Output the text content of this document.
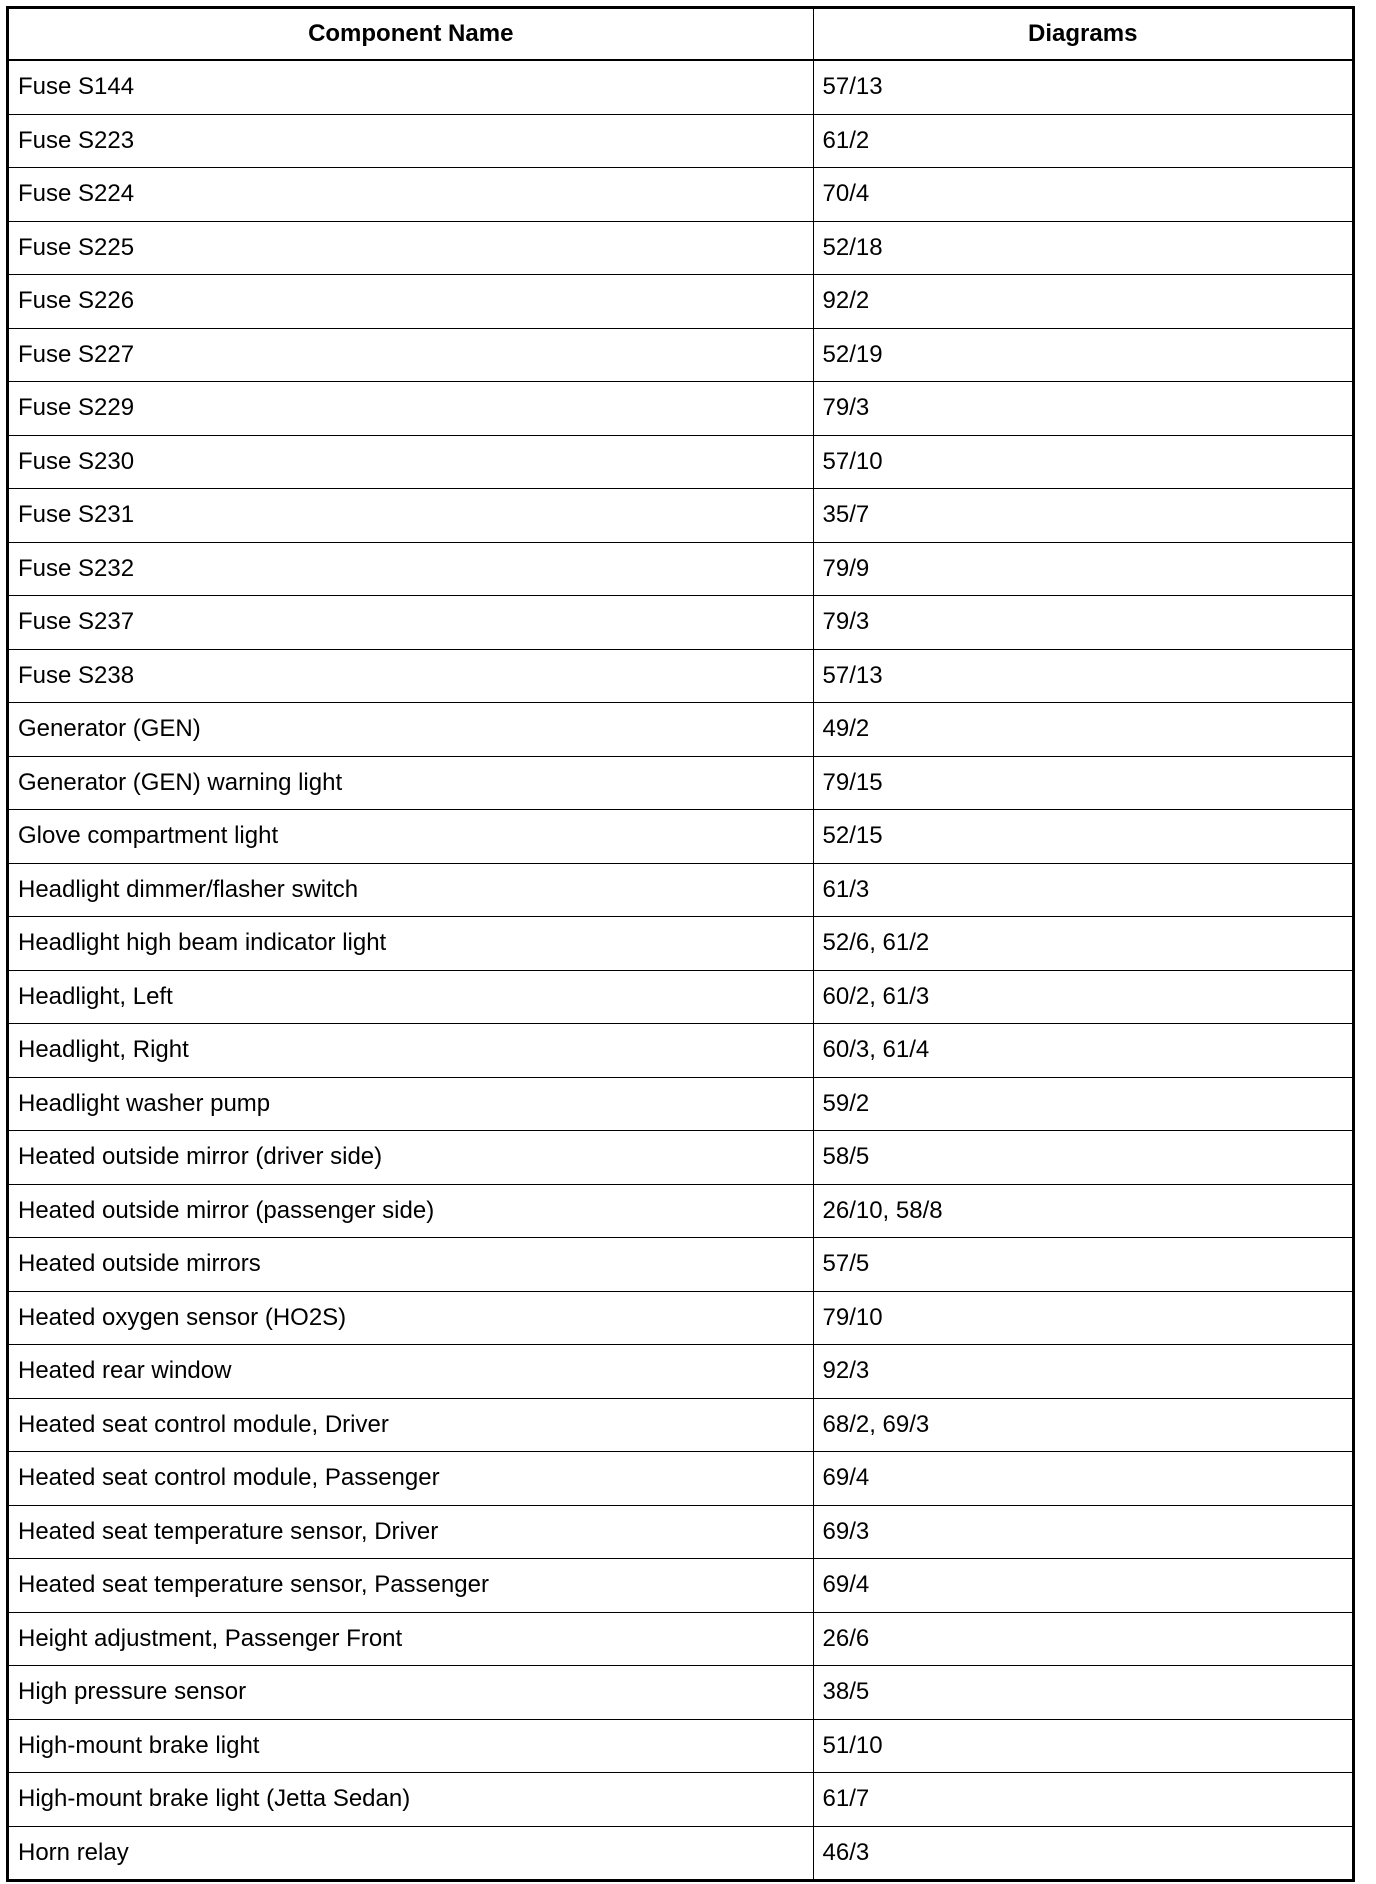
Component Name	Diagrams
Fuse S144	57/13
Fuse S223	61/2
Fuse S224	70/4
Fuse S225	52/18
Fuse S226	92/2
Fuse S227	52/19
Fuse S229	79/3
Fuse S230	57/10
Fuse S231	35/7
Fuse S232	79/9
Fuse S237	79/3
Fuse S238	57/13
Generator (GEN)	49/2
Generator (GEN) warning light	79/15
Glove compartment light	52/15
Headlight dimmer/flasher switch	61/3
Headlight high beam indicator light	52/6, 61/2
Headlight, Left	60/2, 61/3
Headlight, Right	60/3, 61/4
Headlight washer pump	59/2
Heated outside mirror (driver side)	58/5
Heated outside mirror (passenger side)	26/10, 58/8
Heated outside mirrors	57/5
Heated oxygen sensor (HO2S)	79/10
Heated rear window	92/3
Heated seat control module, Driver	68/2, 69/3
Heated seat control module, Passenger	69/4
Heated seat temperature sensor, Driver	69/3
Heated seat temperature sensor, Passenger	69/4
Height adjustment, Passenger Front	26/6
High pressure sensor	38/5
High-mount brake light	51/10
High-mount brake light (Jetta Sedan)	61/7
Horn relay	46/3
